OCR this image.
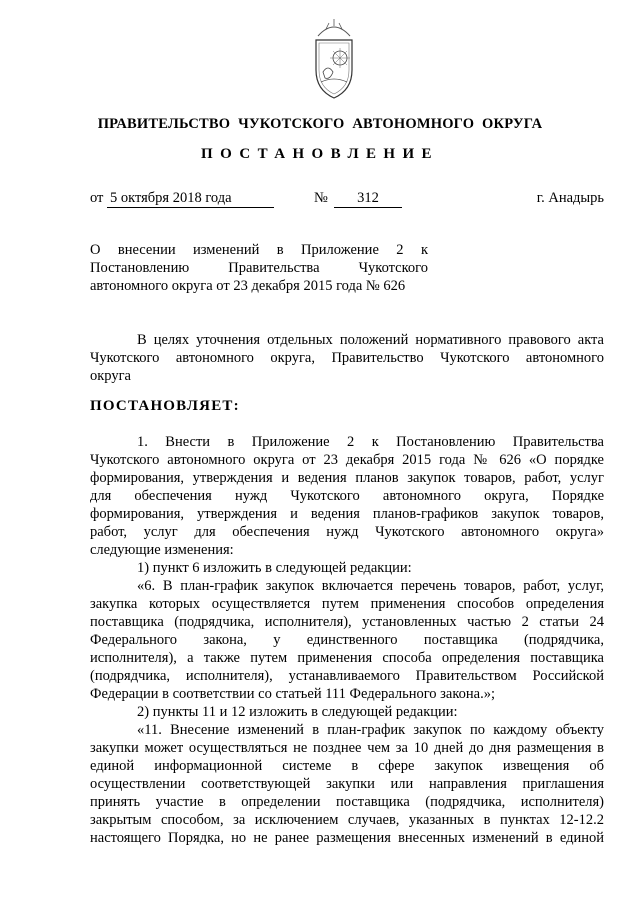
ПРАВИТЕЛЬСТВО ЧУКОТСКОГО АВТОНОМНОГО ОКРУГА
ПОСТАНОВЛЕНИЕ
от 5 октября 2018 года	№	312	г. Анадырь
О внесении изменений в Приложение 2 к
Постановлению Правительства Чукотского
автономного округа от 23 декабря 2015 года № 626
В целях уточнения отдельных положений нормативного правового акта
Чукотского автономного округа, Правительство Чукотского автономного
округа
ПОСТАНОВЛЯЕТ:
1. Внести в Приложение 2 к Постановлению Правительства
Чукотского автономного округа от 23 декабря 2015 года № 626 «О порядке
формирования, утверждения и ведения планов закупок товаров, работ, услуг
для обеспечения нужд Чукотского автономного округа, Порядке
формирования, утверждения и ведения планов-графиков закупок товаров,
работ, услуг для обеспечения нужд Чукотского автономного округа»
следующие изменения:
1) пункт 6 изложить в следующей редакции:
«6. В план-график закупок включается перечень товаров, работ, услуг,
закупка которых осуществляется путем применения способов определения
поставщика (подрядчика, исполнителя), установленных частью 2 статьи 24
Федерального закона, у единственного поставщика (подрядчика,
исполнителя), а также путем применения способа определения поставщика
(подрядчика, исполнителя), устанавливаемого Правительством Российской
Федерации в соответствии со статьей 111 Федерального закона.»;
2) пункты 11 и 12 изложить в следующей редакции:
«11. Внесение изменений в план-график закупок по каждому объекту
закупки может осуществляться не позднее чем за 10 дней до дня размещения в
единой информационной системе в сфере закупок извещения об
осуществлении соответствующей закупки или направления приглашения
принять участие в определении поставщика (подрядчика, исполнителя)
закрытым способом, за исключением случаев, указанных в пунктах 12-12.2
настоящего Порядка, но не ранее размещения внесенных изменений в единой
